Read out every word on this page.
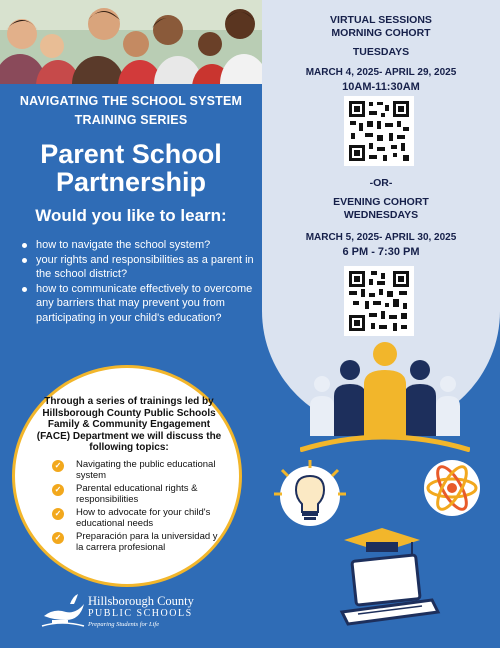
NAVIGATING THE SCHOOL SYSTEM
TRAINING SERIES
Parent School
Partnership
Would you like to learn:
how to navigate the school system?
your rights and responsibilities as a parent in the school district?
how to communicate effectively to overcome any barriers that may prevent you from participating in your child's education?
Through a series of trainings led by Hillsborough County Public Schools Family & Community Engagement (FACE) Department we will discuss the following topics:
✓ Navigating the public educational system
✓ Parental educational rights & responsibilities
✓ How to advocate for your child's educational needs
✓ Preparación para la universidad y la carrera profesional
Hillsborough County
PUBLIC SCHOOLS
Preparing Students for Life
VIRTUAL SESSIONS
MORNING COHORT
TUESDAYS
MARCH 4, 2025- APRIL 29, 2025
10AM-11:30AM
-OR-
EVENING COHORT
WEDNESDAYS
MARCH 5, 2025- APRIL 30, 2025
6 PM - 7:30 PM
